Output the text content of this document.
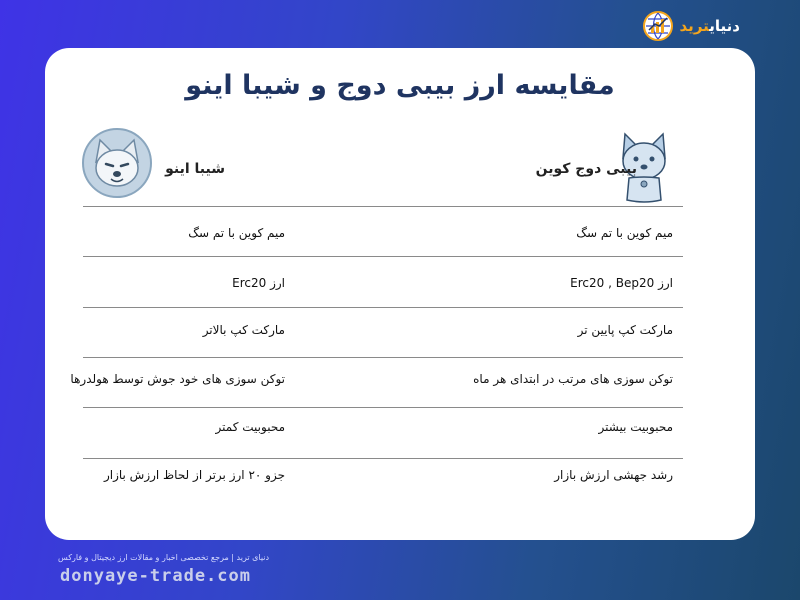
دنیایترید
مقایسه ارز بیبی دوج و شیبا اینو
شیبا اینو	بیبی دوج کوین
میم کوین با تم سگ
میم کوین با تم سگ
ارز Erc20 , Bep20
ارز Erc20
مارکت کپ پایین تر
مارکت کپ بالاتر
توکن سوزی های مرتب در ابتدای هر ماه
توکن سوزی های خود جوش توسط هولدرها
محبوبیت بیشتر
محبوبیت کمتر
رشد جهشی ارزش بازار
جزو ۲۰ ارز برتر از لحاظ ارزش بازار
دنیای ترید | مرجع تخصصی اخبار و مقالات ارز دیجیتال و فارکس
donyaye-trade.com
